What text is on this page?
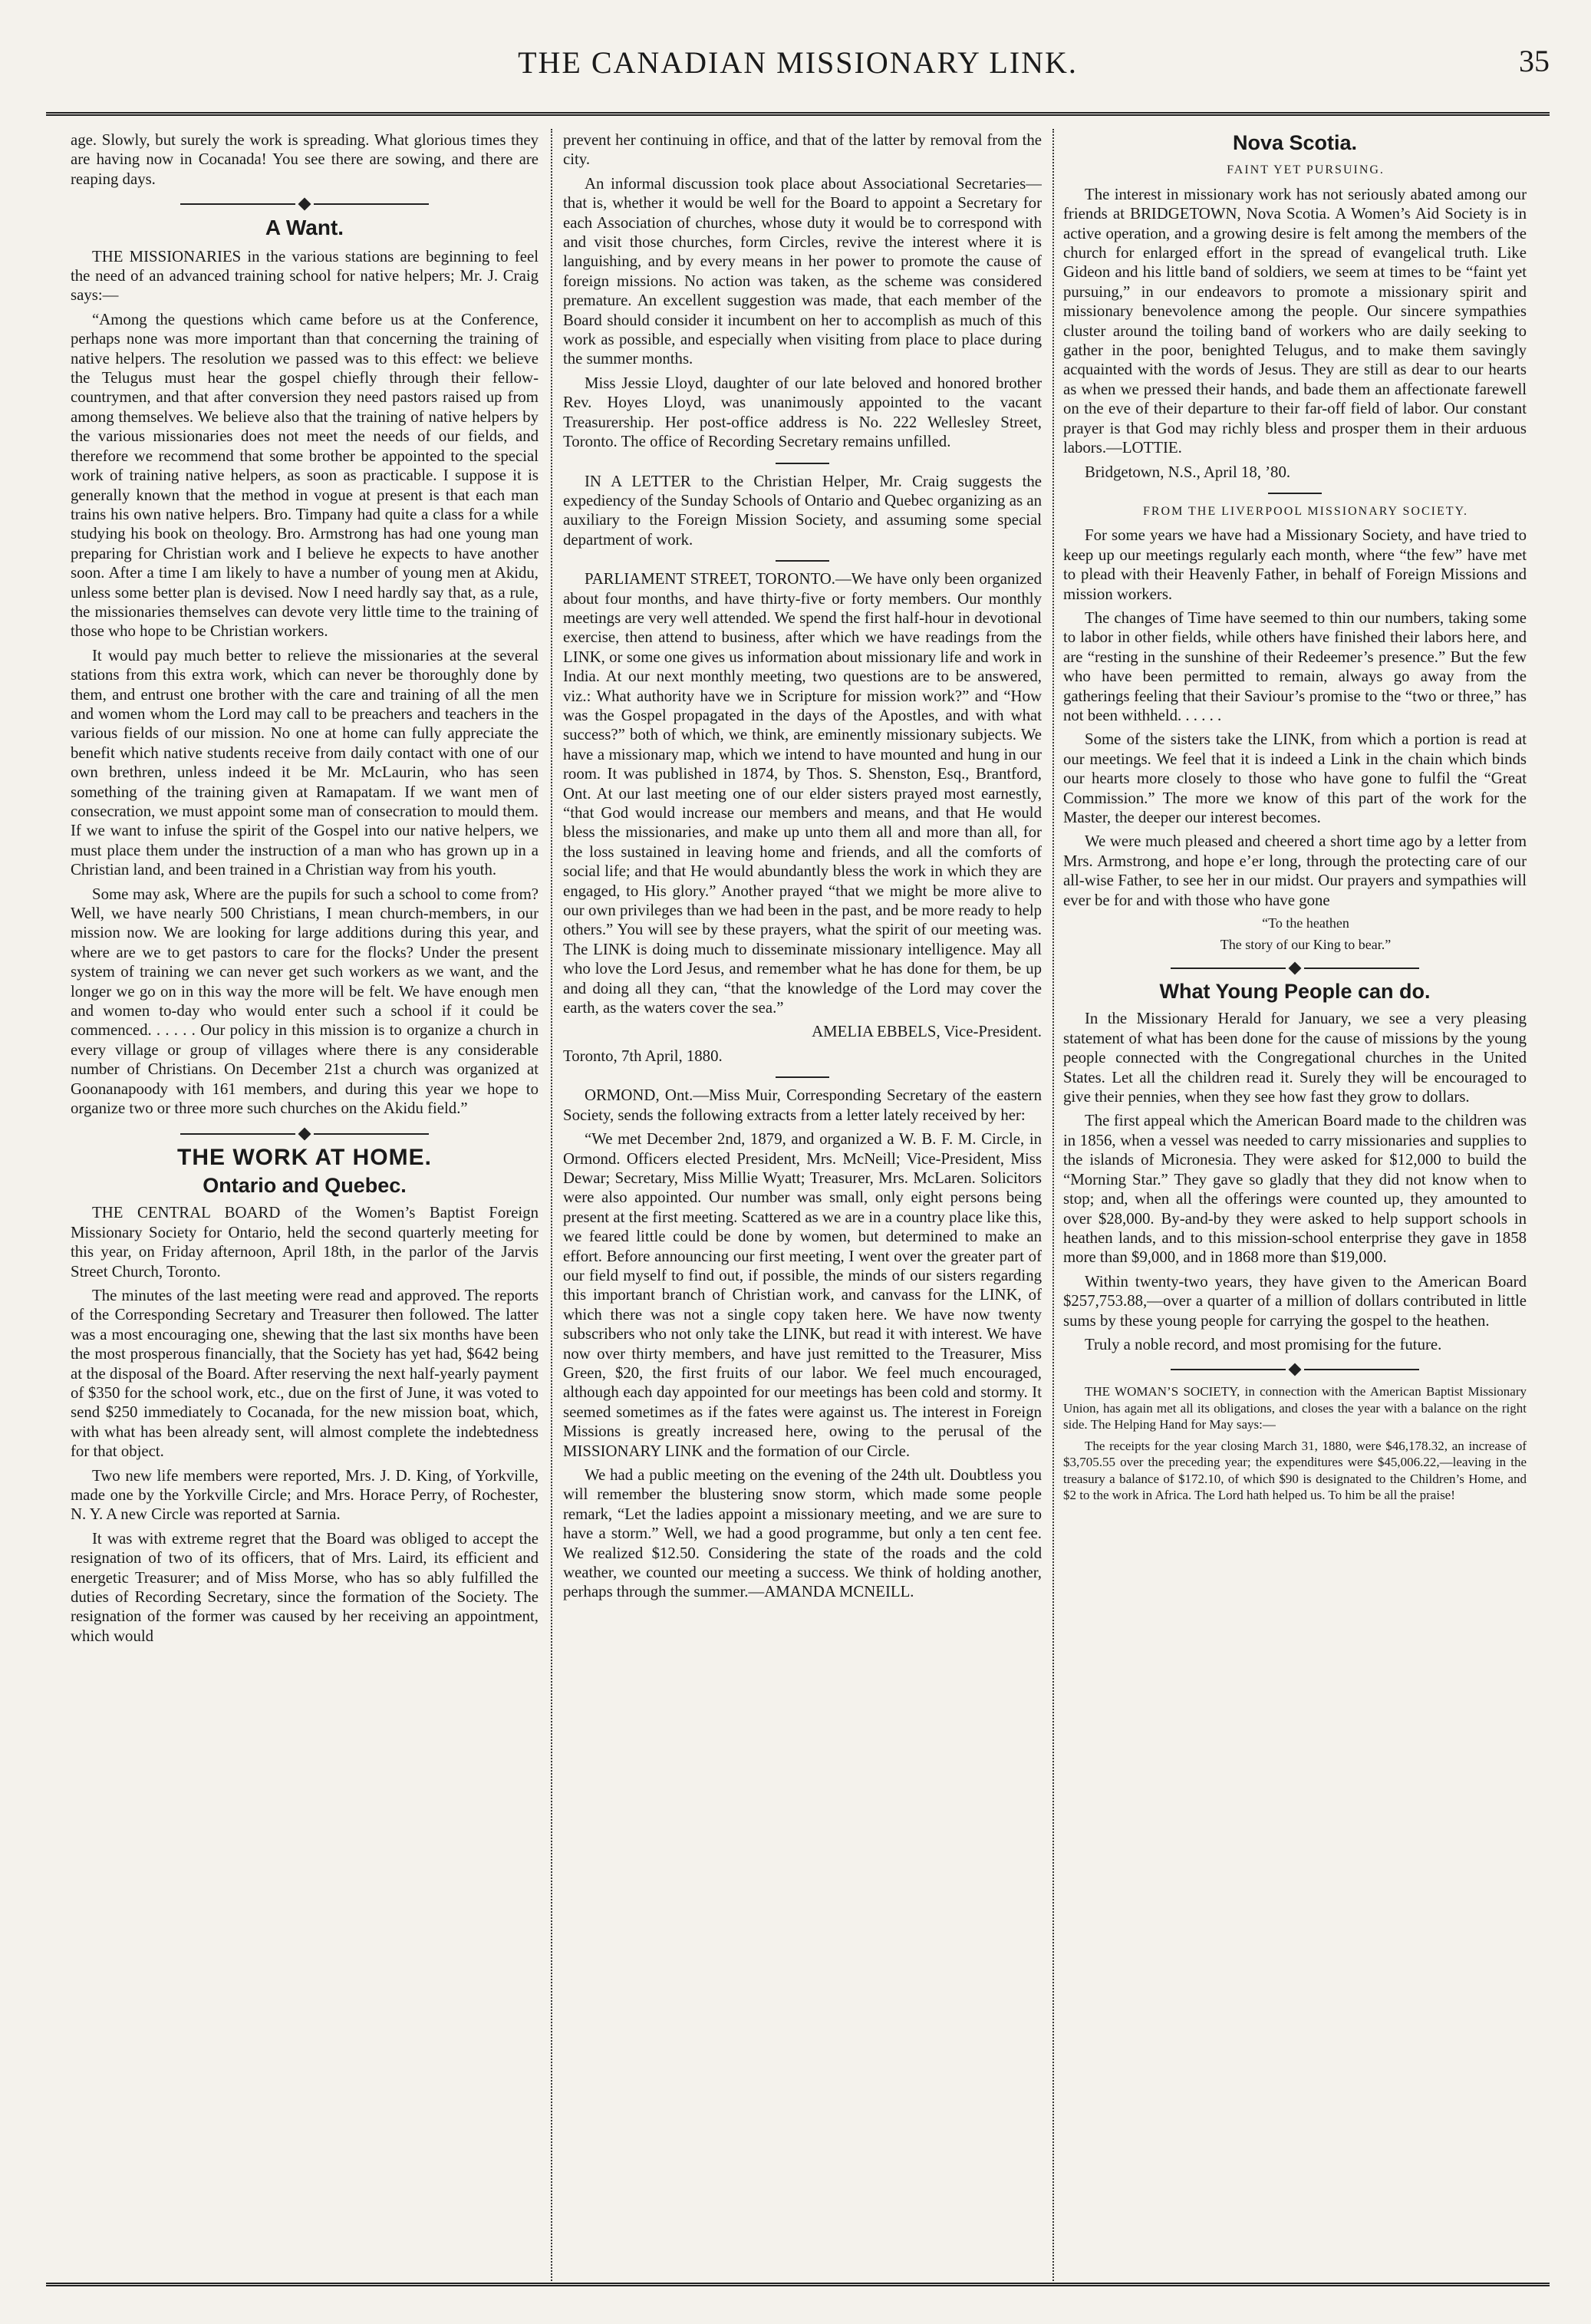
THE CANADIAN MISSIONARY LINK.	35

age. Slowly, but surely the work is spreading. What glorious times they are having now in Cocanada! You see there are sowing, and there are reaping days.

A Want.

THE MISSIONARIES in the various stations are beginning to feel the need of an advanced training school for native helpers; Mr. J. Craig says:—

“Among the questions which came before us at the Conference, perhaps none was more important than that concerning the training of native helpers. The resolution we passed was to this effect: we believe the Telugus must hear the gospel chiefly through their fellow-countrymen, and that after conversion they need pastors raised up from among themselves. We believe also that the training of native helpers by the various missionaries does not meet the needs of our fields, and therefore we recommend that some brother be appointed to the special work of training native helpers, as soon as practicable. I suppose it is generally known that the method in vogue at present is that each man trains his own native helpers. Bro. Timpany had quite a class for a while studying his book on theology. Bro. Armstrong has had one young man preparing for Christian work and I believe he expects to have another soon. After a time I am likely to have a number of young men at Akidu, unless some better plan is devised. Now I need hardly say that, as a rule, the missionaries themselves can devote very little time to the training of those who hope to be Christian workers.

It would pay much better to relieve the missionaries at the several stations from this extra work, which can never be thoroughly done by them, and entrust one brother with the care and training of all the men and women whom the Lord may call to be preachers and teachers in the various fields of our mission. No one at home can fully appreciate the benefit which native students receive from daily contact with one of our own brethren, unless indeed it be Mr. McLaurin, who has seen something of the training given at Ramapatam. If we want men of consecration, we must appoint some man of consecration to mould them. If we want to infuse the spirit of the Gospel into our native helpers, we must place them under the instruction of a man who has grown up in a Christian land, and been trained in a Christian way from his youth.

Some may ask, Where are the pupils for such a school to come from? Well, we have nearly 500 Christians, I mean church-members, in our mission now. We are looking for large additions during this year, and where are we to get pastors to care for the flocks? Under the present system of training we can never get such workers as we want, and the longer we go on in this way the more will be felt. We have enough men and women to-day who would enter such a school if it could be commenced. . . . . . Our policy in this mission is to organize a church in every village or group of villages where there is any considerable number of Christians. On December 21st a church was organized at Goonanapoody with 161 members, and during this year we hope to organize two or three more such churches on the Akidu field.”

THE WORK AT HOME.
Ontario and Quebec.

THE CENTRAL BOARD of the Women’s Baptist Foreign Missionary Society for Ontario, held the second quarterly meeting for this year, on Friday afternoon, April 18th, in the parlor of the Jarvis Street Church, Toronto.

The minutes of the last meeting were read and approved. The reports of the Corresponding Secretary and Treasurer then followed. The latter was a most encouraging one, shewing that the last six months have been the most prosperous financially, that the Society has yet had, $642 being at the disposal of the Board. After reserving the next half-yearly payment of $350 for the school work, etc., due on the first of June, it was voted to send $250 immediately to Cocanada, for the new mission boat, which, with what has been already sent, will almost complete the indebtedness for that object.

Two new life members were reported, Mrs. J. D. King, of Yorkville, made one by the Yorkville Circle; and Mrs. Horace Perry, of Rochester, N. Y. A new Circle was reported at Sarnia.

It was with extreme regret that the Board was obliged to accept the resignation of two of its officers, that of Mrs. Laird, its efficient and energetic Treasurer; and of Miss Morse, who has so ably fulfilled the duties of Recording Secretary, since the formation of the Society. The resignation of the former was caused by her receiving an appointment, which would

prevent her continuing in office, and that of the latter by removal from the city.

An informal discussion took place about Associational Secretaries—that is, whether it would be well for the Board to appoint a Secretary for each Association of churches, whose duty it would be to correspond with and visit those churches, form Circles, revive the interest where it is languishing, and by every means in her power to promote the cause of foreign missions. No action was taken, as the scheme was considered premature. An excellent suggestion was made, that each member of the Board should consider it incumbent on her to accomplish as much of this work as possible, and especially when visiting from place to place during the summer months.

Miss Jessie Lloyd, daughter of our late beloved and honored brother Rev. Hoyes Lloyd, was unanimously appointed to the vacant Treasurership. Her post-office address is No. 222 Wellesley Street, Toronto. The office of Recording Secretary remains unfilled.

IN A LETTER to the Christian Helper, Mr. Craig suggests the expediency of the Sunday Schools of Ontario and Quebec organizing as an auxiliary to the Foreign Mission Society, and assuming some special department of work.

PARLIAMENT STREET, TORONTO.—We have only been organized about four months, and have thirty-five or forty members. Our monthly meetings are very well attended. We spend the first half-hour in devotional exercise, then attend to business, after which we have readings from the LINK, or some one gives us information about missionary life and work in India. At our next monthly meeting, two questions are to be answered, viz.: What authority have we in Scripture for mission work?” and “How was the Gospel propagated in the days of the Apostles, and with what success?” both of which, we think, are eminently missionary subjects. We have a missionary map, which we intend to have mounted and hung in our room. It was published in 1874, by Thos. S. Shenston, Esq., Brantford, Ont. At our last meeting one of our elder sisters prayed most earnestly, “that God would increase our members and means, and that He would bless the missionaries, and make up unto them all and more than all, for the loss sustained in leaving home and friends, and all the comforts of social life; and that He would abundantly bless the work in which they are engaged, to His glory.” Another prayed “that we might be more alive to our own privileges than we had been in the past, and be more ready to help others.” You will see by these prayers, what the spirit of our meeting was. The LINK is doing much to disseminate missionary intelligence. May all who love the Lord Jesus, and remember what he has done for them, be up and doing all they can, “that the knowledge of the Lord may cover the earth, as the waters cover the sea.”

AMELIA EBBELS, Vice-President.

Toronto, 7th April, 1880.

ORMOND, Ont.—Miss Muir, Corresponding Secretary of the eastern Society, sends the following extracts from a letter lately received by her:

“We met December 2nd, 1879, and organized a W. B. F. M. Circle, in Ormond. Officers elected President, Mrs. McNeill; Vice-President, Miss Dewar; Secretary, Miss Millie Wyatt; Treasurer, Mrs. McLaren. Solicitors were also appointed. Our number was small, only eight persons being present at the first meeting. Scattered as we are in a country place like this, we feared little could be done by women, but determined to make an effort. Before announcing our first meeting, I went over the greater part of our field myself to find out, if possible, the minds of our sisters regarding this important branch of Christian work, and canvass for the LINK, of which there was not a single copy taken here. We have now twenty subscribers who not only take the LINK, but read it with interest. We have now over thirty members, and have just remitted to the Treasurer, Miss Green, $20, the first fruits of our labor. We feel much encouraged, although each day appointed for our meetings has been cold and stormy. It seemed sometimes as if the fates were against us. The interest in Foreign Missions is greatly increased here, owing to the perusal of the MISSIONARY LINK and the formation of our Circle.

We had a public meeting on the evening of the 24th ult. Doubtless you will remember the blustering snow storm, which made some people remark, “Let the ladies appoint a missionary meeting, and we are sure to have a storm.” Well, we had a good programme, but only a ten cent fee. We realized $12.50. Considering the state of the roads and the cold weather, we counted our meeting a success. We think of holding another, perhaps through the summer.—AMANDA MCNEILL.

Nova Scotia.

FAINT YET PURSUING.

The interest in missionary work has not seriously abated among our friends at BRIDGETOWN, Nova Scotia. A Women’s Aid Society is in active operation, and a growing desire is felt among the members of the church for enlarged effort in the spread of evangelical truth. Like Gideon and his little band of soldiers, we seem at times to be “faint yet pursuing,” in our endeavors to promote a missionary spirit and missionary benevolence among the people. Our sincere sympathies cluster around the toiling band of workers who are daily seeking to gather in the poor, benighted Telugus, and to make them savingly acquainted with the words of Jesus. They are still as dear to our hearts as when we pressed their hands, and bade them an affectionate farewell on the eve of their departure to their far-off field of labor. Our constant prayer is that God may richly bless and prosper them in their arduous labors.—LOTTIE.

Bridgetown, N.S., April 18, ’80.

FROM THE LIVERPOOL MISSIONARY SOCIETY.

For some years we have had a Missionary Society, and have tried to keep up our meetings regularly each month, where “the few” have met to plead with their Heavenly Father, in behalf of Foreign Missions and mission workers.

The changes of Time have seemed to thin our numbers, taking some to labor in other fields, while others have finished their labors here, and are “resting in the sunshine of their Redeemer’s presence.” But the few who have been permitted to remain, always go away from the gatherings feeling that their Saviour’s promise to the “two or three,” has not been withheld. . . . . .

Some of the sisters take the LINK, from which a portion is read at our meetings. We feel that it is indeed a Link in the chain which binds our hearts more closely to those who have gone to fulfil the “Great Commission.” The more we know of this part of the work for the Master, the deeper our interest becomes.

We were much pleased and cheered a short time ago by a letter from Mrs. Armstrong, and hope e’er long, through the protecting care of our all-wise Father, to see her in our midst. Our prayers and sympathies will ever be for and with those who have gone

“To the heathen

The story of our King to bear.”

What Young People can do.

In the Missionary Herald for January, we see a very pleasing statement of what has been done for the cause of missions by the young people connected with the Congregational churches in the United States. Let all the children read it. Surely they will be encouraged to give their pennies, when they see how fast they grow to dollars.

The first appeal which the American Board made to the children was in 1856, when a vessel was needed to carry missionaries and supplies to the islands of Micronesia. They were asked for $12,000 to build the “Morning Star.” They gave so gladly that they did not know when to stop; and, when all the offerings were counted up, they amounted to over $28,000. By-and-by they were asked to help support schools in heathen lands, and to this mission-school enterprise they gave in 1858 more than $9,000, and in 1868 more than $19,000.

Within twenty-two years, they have given to the American Board $257,753.88,—over a quarter of a million of dollars contributed in little sums by these young people for carrying the gospel to the heathen.

Truly a noble record, and most promising for the future.

THE WOMAN’S SOCIETY, in connection with the American Baptist Missionary Union, has again met all its obligations, and closes the year with a balance on the right side. The Helping Hand for May says:—

The receipts for the year closing March 31, 1880, were $46,178.32, an increase of $3,705.55 over the preceding year; the expenditures were $45,006.22,—leaving in the treasury a balance of $172.10, of which $90 is designated to the Children’s Home, and $2 to the work in Africa. The Lord hath helped us. To him be all the praise!
